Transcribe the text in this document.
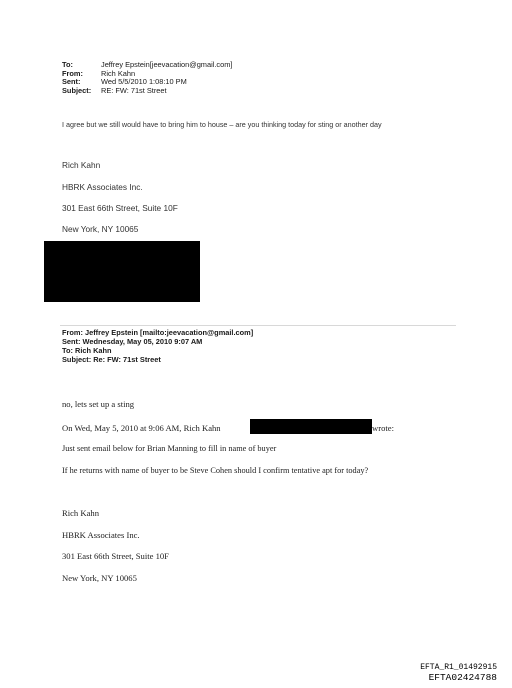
To:	Jeffrey Epstein[jeevacation@gmail.com]
From:	Rich Kahn
Sent:	Wed 5/5/2010 1:08:10 PM
Subject:	RE: FW: 71st Street
I agree but we still would have to bring him to house – are you thinking today for sting or another day
Rich Kahn
HBRK Associates Inc.
301 East 66th Street, Suite 10F
New York, NY 10065
From: Jeffrey Epstein [mailto:jeevacation@gmail.com]
Sent: Wednesday, May 05, 2010 9:07 AM
To: Rich Kahn
Subject: Re: FW: 71st Street
no, lets set up a sting
On Wed, May 5, 2010 at 9:06 AM, Rich Kahn	wrote:
Just sent email below for Brian Manning to fill in name of buyer
If he returns with name of buyer to be Steve Cohen should I confirm tentative apt for today?
Rich Kahn
HBRK Associates Inc.
301 East 66th Street, Suite 10F
New York, NY 10065
EFTA_R1_01492915
EFTA02424788
